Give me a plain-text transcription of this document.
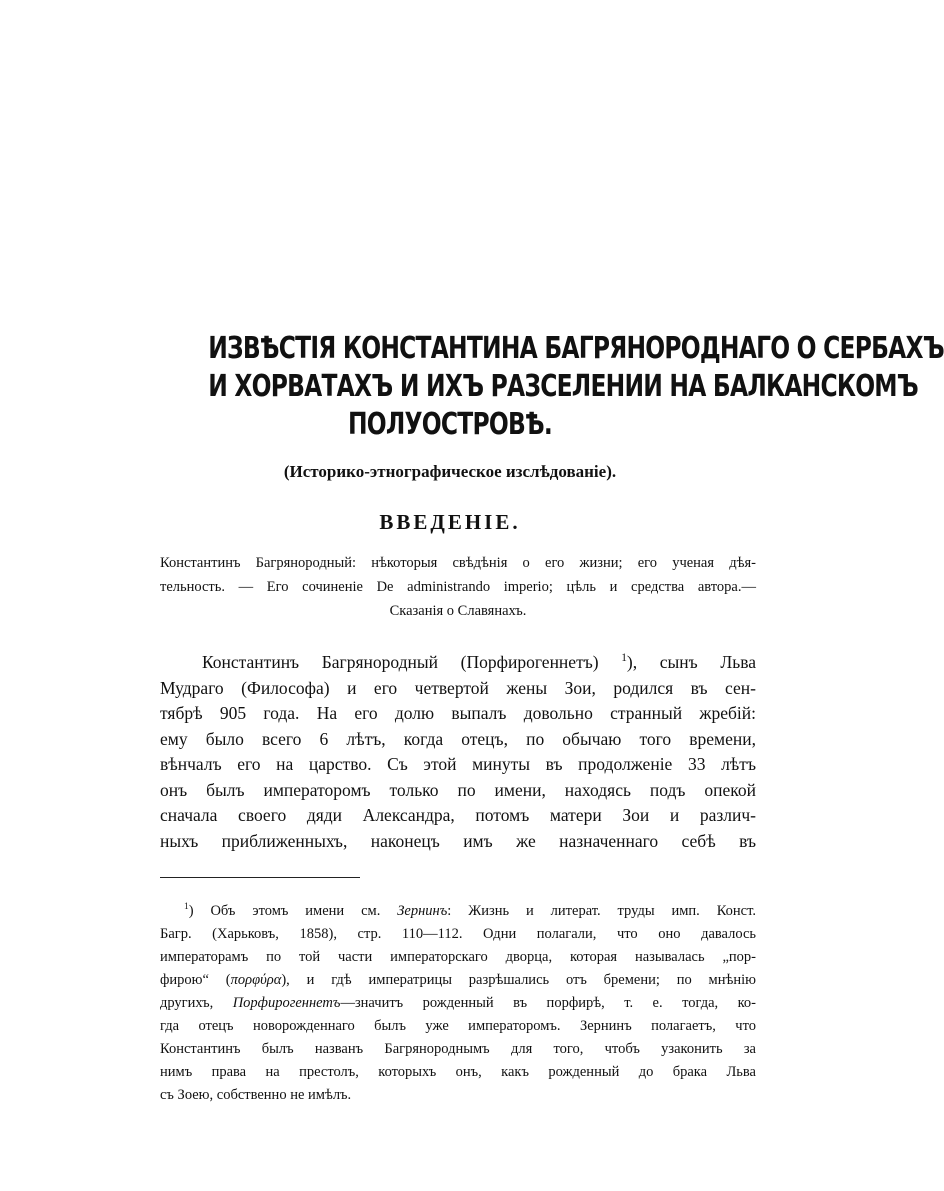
ИЗВѢСТІЯ КОНСТАНТИНА БАГРЯНОРОДНАГО О СЕРБАХЪ
И ХОРВАТАХЪ И ИХЪ РАЗСЕЛЕНИИ НА БАЛКАНСКОМЪ
ПОЛУОСТРОВѢ.

(Историко-этнографическое изслѣдованіе).

ВВЕДЕНІЕ.
Константинъ Багрянородный: нѣкоторыя свѣдѣнія о его жизни; его ученая дѣя-
тельность. — Его сочиненіе De administrando imperio; цѣль и средства автора.—
Сказанія о Славянахъ.
Константинъ Багрянородный (Порфирогеннетъ) $^1$), сынъ Льва
Мудраго (Философа) и его четвертой жены Зои, родился въ сен-
тябрѣ 905 года. На его долю выпалъ довольно странный жребій:
ему было всего 6 лѣтъ, когда отецъ, по обычаю того времени,
вѣнчалъ его на царство. Съ этой минуты въ продолженіе 33 лѣтъ
онъ былъ императоромъ только по имени, находясь подъ опекой
сначала своего дяди Александра, потомъ матери Зои и различ-
ныхъ приближенныхъ, наконецъ имъ же назначеннаго себѣ въ
$^1$) Объ этомъ имени см. Зернинъ: Жизнь и литерат. труды имп. Конст.
Багр. (Харьковъ, 1858), стр. 110—112. Одни полагали, что оно давалось
императорамъ по той части императорскаго дворца, которая называлась „пор-
фирою“ (πορφύρα), и гдѣ императрицы разрѣшались отъ бремени; по мнѣнію
другихъ, Порфирогеннетъ—значитъ рожденный въ порфирѣ, т. е. тогда, ко-
гда отецъ новорожденнаго былъ уже императоромъ. Зернинъ полагаетъ, что
Константинъ былъ названъ Багрянороднымъ для того, чтобъ узаконить за
нимъ права на престолъ, которыхъ онъ, какъ рожденный до брака Льва
съ Зоею, собственно не имѣлъ.
